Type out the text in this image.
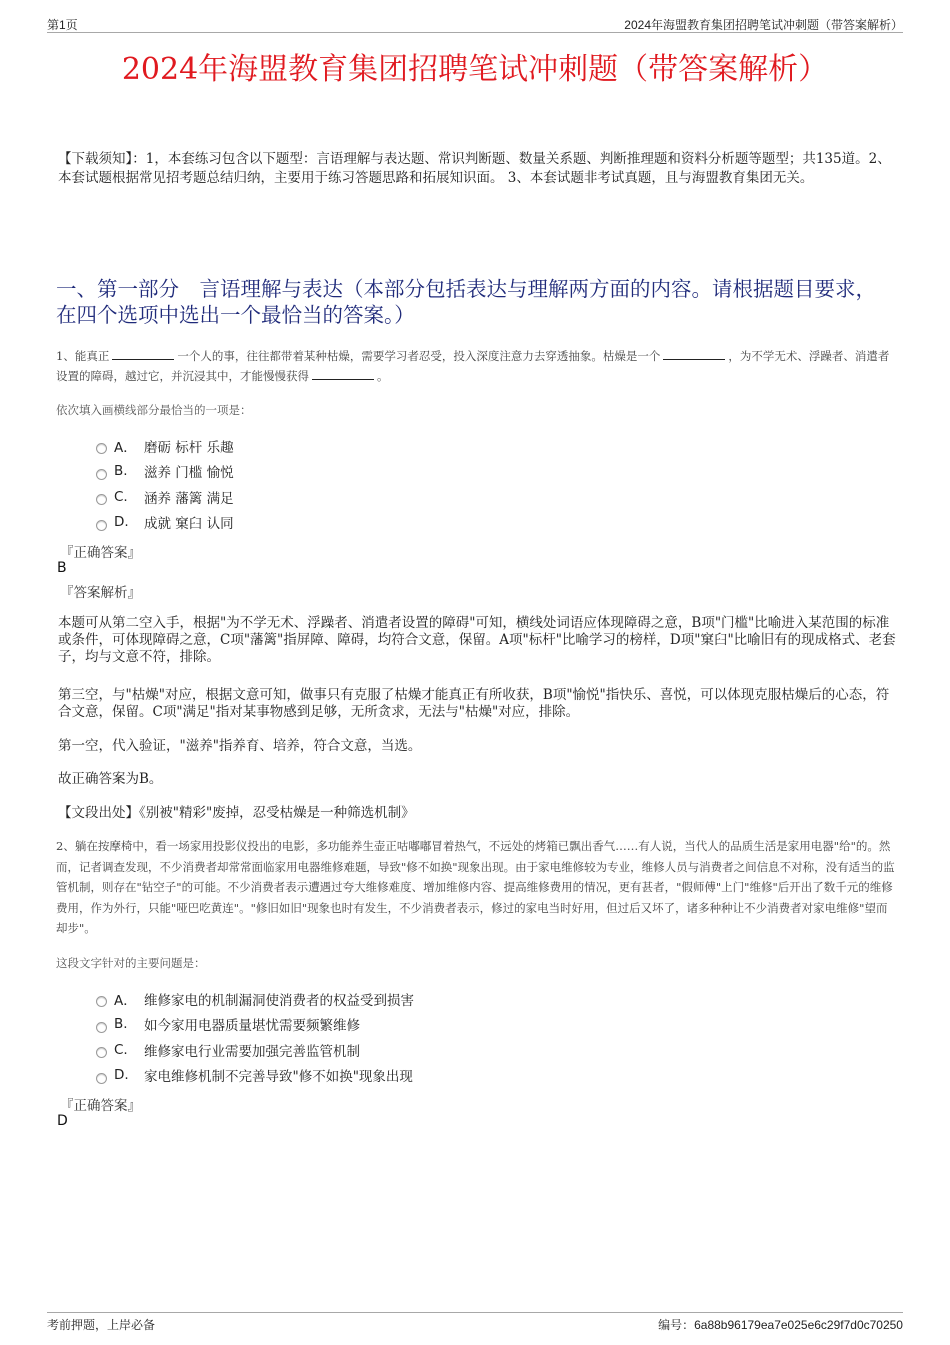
第1页	2024年海盟教育集团招聘笔试冲刺题（带答案解析）
2024年海盟教育集团招聘笔试冲刺题（带答案解析）
【下载须知】：1，本套练习包含以下题型：言语理解与表达题、常识判断题、数量关系题、判断推理题和资料分析题等题型；共135道。2、本套试题根据常见招考题总结归纳，主要用于练习答题思路和拓展知识面。 3、本套试题非考试真题，且与海盟教育集团无关。
一、第一部分　言语理解与表达（本部分包括表达与理解两方面的内容。请根据题目要求，在四个选项中选出一个最恰当的答案。）
1、能真正	一个人的事，往往都带着某种枯燥，需要学习者忍受，投入深度注意力去穿透抽象。枯燥是一个	，为不学无术、浮躁者、消遣者设置的障碍，越过它，并沉浸其中，才能慢慢获得	。
依次填入画横线部分最恰当的一项是：
A． 磨砺 标杆 乐趣
B.	滋养 门槛 愉悦
C.	涵养 藩篱 满足
D.	成就 窠臼 认同
『正确答案』
B
『答案解析』
本题可从第二空入手，根据"为不学无术、浮躁者、消遣者设置的障碍"可知，横线处词语应体现障碍之意，B项"门槛"比喻进入某范围的标准或条件，可体现障碍之意，C项"藩篱"指屏障、障碍，均符合文意，保留。A项"标杆"比喻学习的榜样，D项"窠臼"比喻旧有的现成格式、老套子，均与文意不符，排除。
第三空，与"枯燥"对应，根据文意可知，做事只有克服了枯燥才能真正有所收获，B项"愉悦"指快乐、喜悦，可以体现克服枯燥后的心态，符合文意，保留。C项"满足"指对某事物感到足够，无所贪求，无法与"枯燥"对应，排除。
第一空，代入验证，"滋养"指养育、培养，符合文意，当选。
故正确答案为B。
【文段出处】《别被"精彩"废掉，忍受枯燥是一种筛选机制》
2、躺在按摩椅中，看一场家用投影仪投出的电影，多功能养生壶正咕嘟嘟冒着热气，不远处的烤箱已飘出香气……有人说，当代人的品质生活是家用电器"给"的。然而，记者调查发现，不少消费者却常常面临家用电器维修难题，导致"修不如换"现象出现。由于家电维修较为专业，维修人员与消费者之间信息不对称，没有适当的监管机制，则存在"钻空子"的可能。不少消费者表示遭遇过夸大维修难度、增加维修内容、提高维修费用的情况，更有甚者，"假师傅"上门"维修"后开出了数千元的维修费用，作为外行，只能"哑巴吃黄连"。"修旧如旧"现象也时有发生，不少消费者表示，修过的家电当时好用，但过后又坏了，诸多种种让不少消费者对家电维修"望而却步"。
这段文字针对的主要问题是：
A． 维修家电的机制漏洞使消费者的权益受到损害
B.	如今家用电器质量堪忧需要频繁维修
C.	维修家电行业需要加强完善监管机制
D.	家电维修机制不完善导致"修不如换"现象出现
『正确答案』
D
考前押题，上岸必备	编号：6a88b96179ea7e025e6c29f7d0c70250
